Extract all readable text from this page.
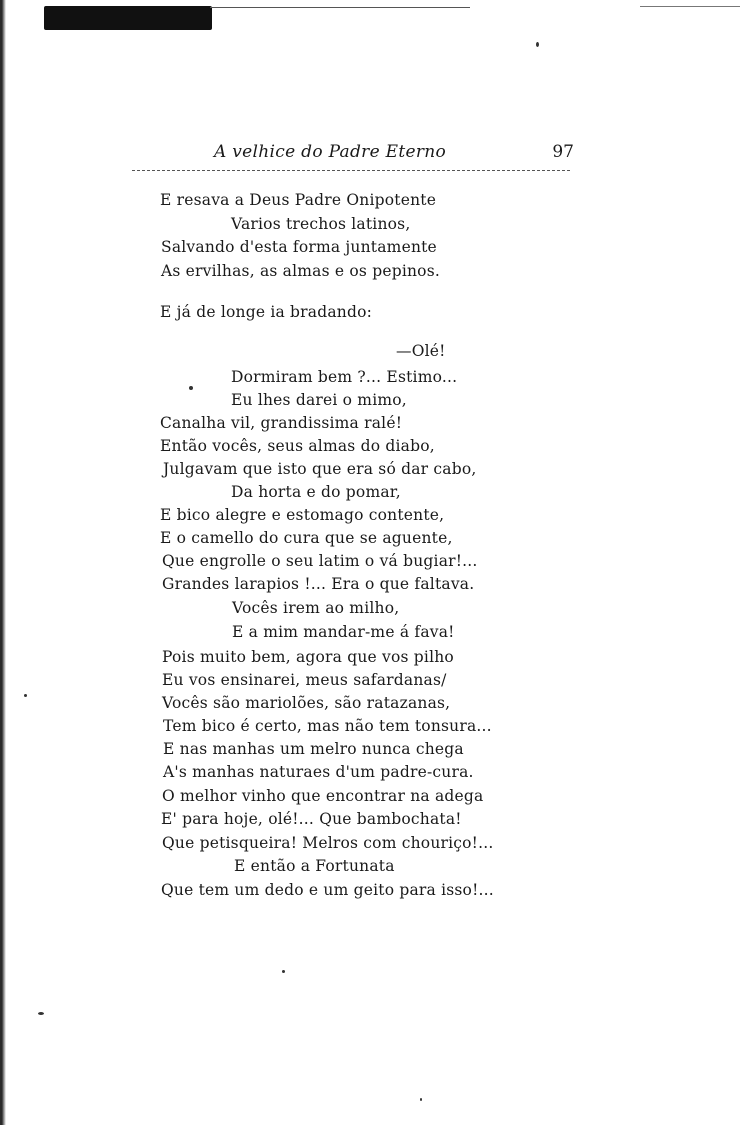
A velhice do Padre Eterno	97
E resava a Deus Padre Onipotente
Varios trechos latinos,
Salvando d'esta forma juntamente
As ervilhas, as almas e os pepinos.
E já de longe ia bradando:
—Olé!
Dormiram bem ?... Estimo...
Eu lhes darei o mimo,
Canalha vil, grandissima ralé!
Então vocês, seus almas do diabo,
Julgavam que isto que era só dar cabo,
Da horta e do pomar,
E bico alegre e estomago contente,
E o camello do cura que se aguente,
Que engrolle o seu latim o vá bugiar!...
Grandes larapios !... Era o que faltava.
Vocês irem ao milho,
E a mim mandar-me á fava!
Pois muito bem, agora que vos pilho
Eu vos ensinarei, meus safardanas/
Vocês são mariolões, são ratazanas,
Tem bico é certo, mas não tem tonsura...
E nas manhas um melro nunca chega
A's manhas naturaes d'um padre-cura.
O melhor vinho que encontrar na adega
E' para hoje, olé!... Que bambochata!
Que petisqueira! Melros com chouriço!...
E então a Fortunata
Que tem um dedo e um geito para isso!...
